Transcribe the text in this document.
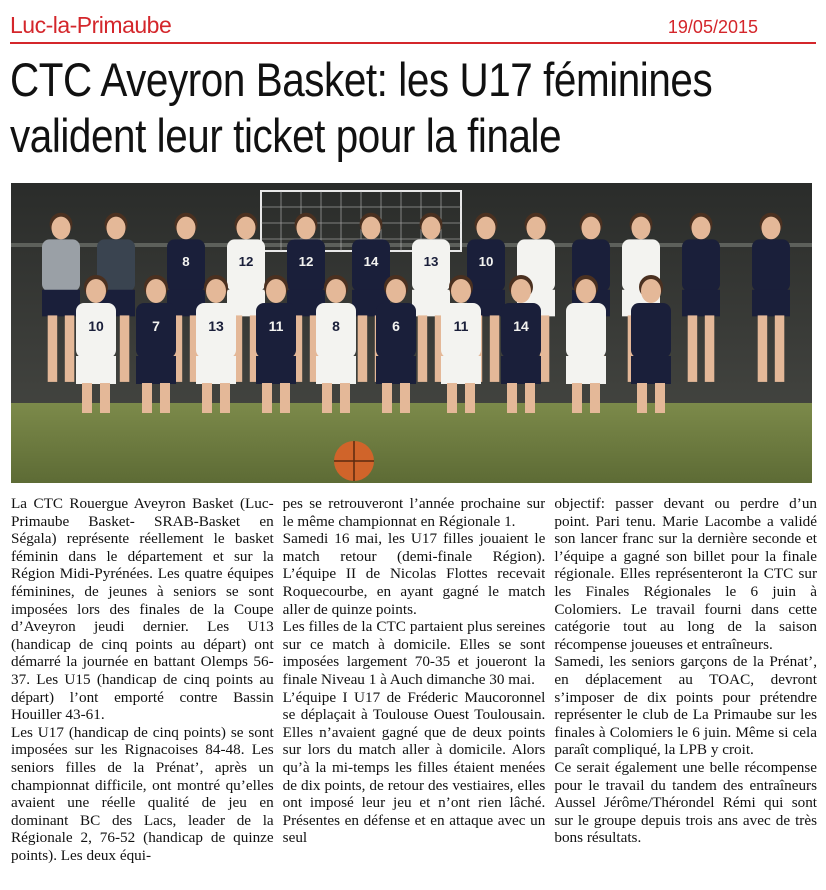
Luc-la-Primaube	19/05/2015
CTC Aveyron Basket: les U17 féminines
valident leur ticket pour la finale
8	12	12	14	13	10
10	7	13	11	8	6	11	14

La CTC Rouergue Aveyron Basket (Luc-Primaube Basket- SRAB-Basket en Ségala) représente réellement le basket féminin dans le département et sur la Région Midi-Pyrénées. Les quatre équipes féminines, de jeunes à seniors se sont imposées lors des finales de la Coupe d’Aveyron jeudi dernier. Les U13 (handicap de cinq points au départ) ont démarré la journée en battant Olemps 56-37. Les U15 (handicap de cinq points au départ) l’ont emporté contre Bassin Houiller 43-61.

Les U17 (handicap de cinq points) se sont imposées sur les Rignacoises 84-48. Les seniors filles de la Prénat’, après un championnat difficile, ont montré qu’elles avaient une réelle qualité de jeu en dominant BC des Lacs, leader de la Régionale 2, 76-52 (handicap de quinze points). Les deux équi-

pes se retrouveront l’année prochaine sur le même championnat en Régionale 1.

Samedi 16 mai, les U17 filles jouaient le match retour (demi-finale Région). L’équipe II de Nicolas Flottes recevait Roquecourbe, en ayant gagné le match aller de quinze points.

Les filles de la CTC partaient plus sereines sur ce match à domicile. Elles se sont imposées largement 70-35 et joueront la finale Niveau 1 à Auch dimanche 30 mai.

L’équipe I U17 de Fréderic Maucoronnel se déplaçait à Toulouse Ouest Toulousain. Elles n’avaient gagné que de deux points sur lors du match aller à domicile. Alors qu’à la mi-temps les filles étaient menées de dix points, de retour des vestiaires, elles ont imposé leur jeu et n’ont rien lâché. Présentes en défense et en attaque avec un seul

objectif: passer devant ou perdre d’un point. Pari tenu. Marie Lacombe a validé son lancer franc sur la dernière seconde et l’équipe a gagné son billet pour la finale régionale. Elles représenteront la CTC sur les Finales Régionales le 6 juin à Colomiers. Le travail fourni dans cette catégorie tout au long de la saison récompense joueuses et entraîneurs.

Samedi, les seniors garçons de la Prénat’, en déplacement au TOAC, devront s’imposer de dix points pour prétendre représenter le club de La Primaube sur les finales à Colomiers le 6 juin. Même si cela paraît compliqué, la LPB y croit.

Ce serait également une belle récompense pour le travail du tandem des entraîneurs Aussel Jérôme/Thérondel Rémi qui sont sur le groupe depuis trois ans avec de très bons résultats.
